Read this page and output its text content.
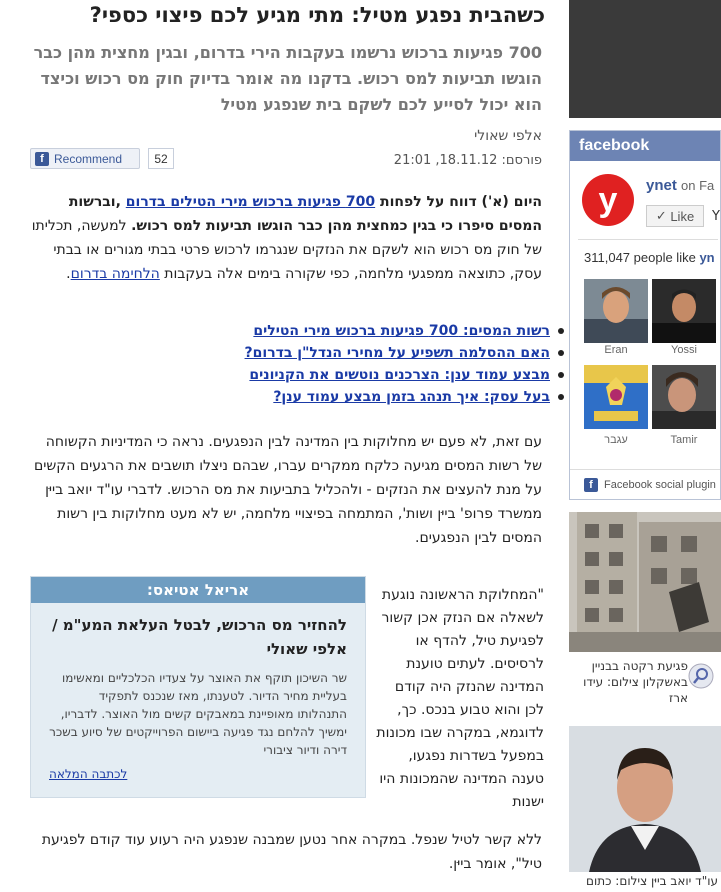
כשהבית נפגע מטיל: מתי מגיע לכם פיצוי כספי?
700 פגיעות ברכוש נרשמו בעקבות הירי בדרום, ובגין מחצית מהן כבר הוגשו תביעות למס רכוש. בדקנו מה אומר בדיוק חוק מס רכוש וכיצד הוא יכול לסייע לכם לשקם בית שנפגע מטיל
אלפי שאולי
פורסם: 18.11.12, 21:01
f Recommend	52
היום (א') דווח על לפחות 700 פגיעות ברכוש מירי הטילים בדרום ,וברשות המסים סיפרו כי בגין כמחצית מהן כבר הוגשו תביעות למס רכוש. למעשה, תכליתו של חוק מס רכוש הוא לשקם את הנזקים שנגרמו לרכוש פרטי בבתי מגורים או בבתי עסק, כתוצאה ממפגעי מלחמה, כפי שקורה בימים אלה בעקבות הלחימה בדרום.
רשות המסים: 700 פגיעות ברכוש מירי הטילים
האם ההסלמה תשפיע על מחירי הנדל"ן בדרום?
מבצע עמוד ענן: הצרכנים נוטשים את הקניונים
בעל עסק: איך תנהג בזמן מבצע עמוד ענן?
עם זאת, לא פעם יש מחלוקות בין המדינה לבין הנפגעים. נראה כי המדיניות הקשוחה של רשות המסים מגיעה כלקח ממקרים עברו, שבהם ניצלו תושבים את הרגעים הקשים על מנת להעצים את הנזקים - ולהכליל בתביעות את מס הרכוש. לדברי עו"ד יואב בייּן ממשרד פרופ' בייּן ושות', המתמחה בפיצויי מלחמה, יש לא מעט מחלוקות בין רשות המסים לבין הנפגעים.
אריאל אטיאס:
להחזיר מס הרכוש, לבטל העלאת המע"מ / אלפי שאולי
שר השיכון תוקף את האוצר על צעדיו הכלכליים ומאשימו בעליית מחיר הדיור. לטענתו, מאז שנכנס לתפקיד התנהלותו מאופיינת במאבקים קשים מול האוצר. לדבריו, ימשיך להלחם נגד פגיעה ביישום הפרוייקטים של סיוע בשכר דירה ודיור ציבורי
לכתבה המלאה
"המחלוקת הראשונה נוגעת לשאלה אם הנזק אכן קשור לפגיעת טיל, להדף או לרסיסים. לעתים טוענת המדינה שהנזק היה קודם לכן והוא טבוע בנכס. כך, לדוגמא, במקרה שבו מכונות במפעל בשדרות נפגעו, טענה המדינה שהמכונות היו ישנות
ללא קשר לטיל שנפל. במקרה אחר נטען שמבנה שנפגע היה רעוע עוד קודם לפגיעת טיל", אומר בייּן.
facebook
y	ynet on Fa
✓ Like Y
311,047 people like yn
Eran	Yossi
עגבר	Tamir
f	Facebook social plugin
פגיעת רקטה בבניין באשקלון צילום: עידו ארז
עו"ד יואב בייּן צילום: כתום
